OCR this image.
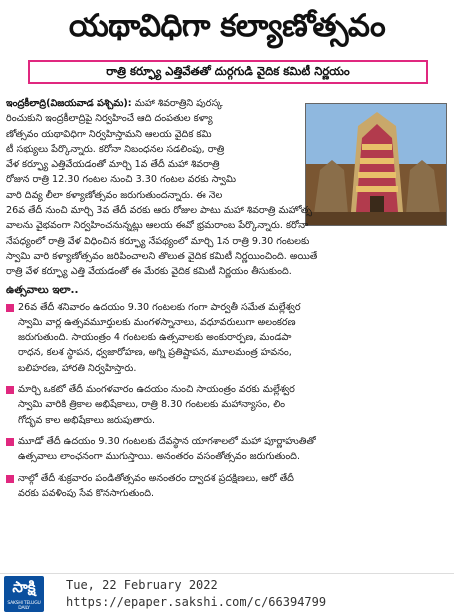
యథావిధిగా కల్యాణోత్సవం
రాత్రి కర్ఫ్యూ ఎత్తివేతతో దుర్గగుడి వైదిక కమిటీ నిర్ణయం
ఇంద్రకీలాద్రి(విజయవాడ పశ్చిమ): మహా శివరాత్రిని పురస్క
రించుకుని ఇంద్రకీలాద్రిపై నిర్వహించే ఆది దంపతుల కళ్యా
ణోత్సవం యథావిధిగా నిర్వహిస్తామని ఆలయ వైదిక కమి
టీ సభ్యులు పేర్కొన్నారు. కరోనా నిబంధనల సడలింపు, రాత్రి
వేళ కర్ఫ్యూ ఎత్తివేయడంతో మార్చి 1వ తేదీ మహా శివరాత్రి
రోజున రాత్రి 12.30 గంటల నుంచి 3.30 గంటల వరకు స్వామి
వారి దివ్య లీలా కళ్యాణోత్సవం జరుగుతుందన్నారు. ఈ నెల
26వ తేదీ నుంచి మార్చి 3వ తేదీ వరకు ఆరు రోజుల పాటు మహా శివరాత్రి మహోత్స
వాలను వైభవంగా నిర్వహించనున్నట్లు ఆలయ ఈవో భ్రమరాంబ పేర్కొన్నారు. కరోనా
నేపధ్యంలో రాత్రి వేళ విధించిన కర్ఫ్యూ నేపథ్యంలో మార్చి 1న రాత్రి 9.30 గంటలకు
స్వామి వారి కళ్యాణోత్సవం జరిపించాలని తొలుత వైదిక కమిటీ నిర్ణయించింది. అయితే
రాత్రి వేళ కర్ఫ్యూ ఎత్తి వేయడంతో ఈ మేరకు వైదిక కమిటీ నిర్ణయం తీసుకుంది.
ఉత్సవాలు ఇలా..
26వ తేదీ శనివారం ఉదయం 9.30 గంటలకు గంగా పార్వతీ సమేత మల్లేశ్వర
స్వామి వార్ల ఉత్సవమూర్తులకు మంగళస్నానాలు, వధూవరులుగా అలంకరణ
జరుగుతుంది. సాయంత్రం 4 గంటలకు ఉత్సవాలకు అంకురార్పణ, మండపా
రాధన, కలశ స్థాపన, ధ్వజారోహణ, అగ్ని ప్రతిష్టాపన, మూలమంత్ర హవనం,
బలిహరణ, హారతి నిర్వహిస్తారు.
మార్చి ఒకటో తేదీ మంగళవారం ఉదయం నుంచి సాయంత్రం వరకు మల్లేశ్వర
స్వామి వారికి త్రికాల అభిషేకాలు, రాత్రి 8.30 గంటలకు మహాన్యాసం, లిం
గోద్భవ కాల అభిషేకాలు జరుపుతారు.
మూడో తేదీ ఉదయం 9.30 గంటలకు దేవస్థాన యాగశాలలో మహా పూర్ణాహుతితో
ఉత్సవాలు లాంఛనంగా ముగుస్తాయి. అనంతరం వసంతోత్సవం జరుగుతుంది.
నాల్గో తేదీ శుక్రవారం పండితోత్సవం అనంతరం ద్వాదశ ప్రదక్షిణలు, ఆరో తేదీ
వరకు పవళింపు సేవ కొనసాగుతుంది.
సాక్షి
SAKSHI TELUGU DAILY
Tue, 22 February 2022
https://epaper.sakshi.com/c/66394799
